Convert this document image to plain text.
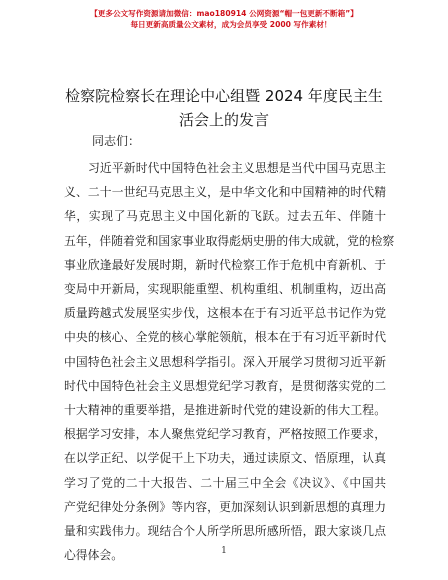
【更多公文写作资源请加微信：mao180914 公网资源“帽一包更新不断箱”】
每日更新高质量公文素材，成为会员享受 2000 写作素材！
检察院检察长在理论中心组暨 2024 年度民主生
活会上的发言
同志们：
习近平新时代中国特色社会主义思想是当代中国马克思主
义、二十一世纪马克思主义，是中华文化和中国精神的时代精
华，实现了马克思主义中国化新的飞跃。过去五年、伴随十
五年，伴随着党和国家事业取得彪炳史册的伟大成就，党的检察
事业欣逢最好发展时期，新时代检察工作于危机中育新机、于
变局中开新局，实现职能重塑、机构重组、机制重构，迈出高
质量跨越式发展坚实步伐，这根本在于有习近平总书记作为党
中央的核心、全党的核心掌舵领航，根本在于有习近平新时代
中国特色社会主义思想科学指引。深入开展学习贯彻习近平新
时代中国特色社会主义思想党纪学习教育，是贯彻落实党的二
十大精神的重要举措，是推进新时代党的建设新的伟大工程。
根据学习安排，本人聚焦党纪学习教育，严格按照工作要求，
在以学正纪、以学促干上下功夫，通过读原文、悟原理，认真
学习了党的二十大报告、二十届三中全会《决议》、《中国共
产党纪律处分条例》等内容，更加深刻认识到新思想的真理力
量和实践伟力。现结合个人所学所思所感所悟，跟大家谈几点
心得体会。	1
